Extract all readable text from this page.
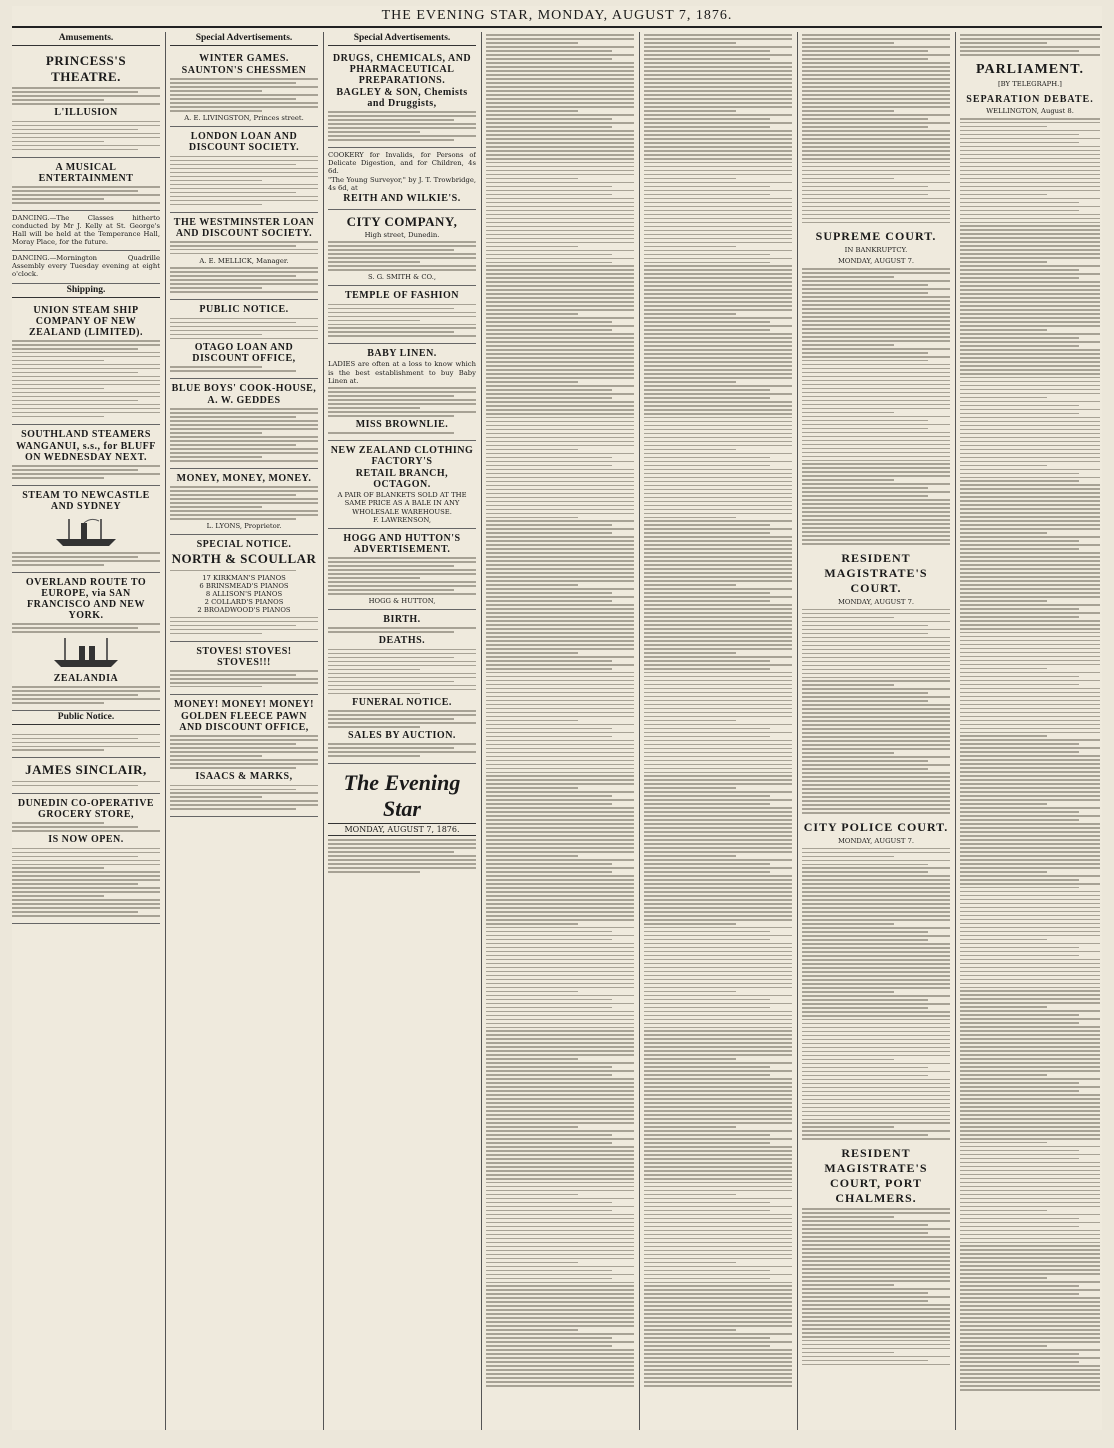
THE EVENING STAR, MONDAY, AUGUST 7, 1876.
Amusements.
PRINCESS'S THEATRE.
L'ILLUSION
A MUSICAL ENTERTAINMENT

DANCING.—The Classes hitherto conducted by Mr J. Kelly at St. George's Hall will be held at the Temperance Hall, Moray Place, for the future.

DANCING.—Mornington Quadrille Assembly every Tuesday evening at eight o'clock.

Shipping.
UNION STEAM SHIP COMPANY OF NEW ZEALAND (LIMITED).
SOUTHLAND STEAMERS
WANGANUI, s.s., for BLUFF ON WEDNESDAY NEXT.
STEAM TO NEWCASTLE AND SYDNEY
OVERLAND ROUTE TO EUROPE, via SAN FRANCISCO AND NEW YORK.
ZEALANDIA
Public Notice.
JAMES SINCLAIR,
DUNEDIN CO-OPERATIVE GROCERY STORE,
IS NOW OPEN.
Special Advertisements.
WINTER GAMES.
SAUNTON'S CHESSMEN

A. E. LIVINGSTON, Princes street.

LONDON LOAN AND DISCOUNT SOCIETY.
THE WESTMINSTER LOAN AND DISCOUNT SOCIETY.

A. E. MELLICK, Manager.

PUBLIC NOTICE.
OTAGO LOAN AND DISCOUNT OFFICE,
BLUE BOYS' COOK-HOUSE,
A. W. GEDDES
MONEY, MONEY, MONEY.

L. LYONS, Proprietor.

SPECIAL NOTICE.
NORTH & SCOULLAR

17 KIRKMAN'S PIANOS

6 BRINSMEAD'S PIANOS

8 ALLISON'S PIANOS

2 COLLARD'S PIANOS

2 BROADWOOD'S PIANOS

STOVES! STOVES! STOVES!!!
MONEY! MONEY! MONEY!
GOLDEN FLEECE PAWN AND DISCOUNT OFFICE,
ISAACS & MARKS,
Special Advertisements.
DRUGS, CHEMICALS, AND PHARMACEUTICAL PREPARATIONS.
BAGLEY & SON, Chemists and Druggists,

COOKERY for Invalids, for Persons of Delicate Digestion, and for Children, 4s 6d.

"The Young Surveyor," by J. T. Trowbridge, 4s 6d, at

REITH AND WILKIE'S.
CITY COMPANY,

High street, Dunedin.

S. G. SMITH & CO.,

TEMPLE OF FASHION
BABY LINEN.

LADIES are often at a loss to know which is the best establishment to buy Baby Linen at.

MISS BROWNLIE.
NEW ZEALAND CLOTHING FACTORY'S
RETAIL BRANCH, OCTAGON.

A PAIR OF BLANKETS SOLD AT THE SAME PRICE AS A BALE IN ANY WHOLESALE WAREHOUSE.

F. LAWRENSON,

HOGG AND HUTTON'S ADVERTISEMENT.

HOGG & HUTTON,

BIRTH.
DEATHS.
FUNERAL NOTICE.
SALES BY AUCTION.
The Evening Star
MONDAY, AUGUST 7, 1876.
SUPREME COURT.
IN BANKRUPTCY.
MONDAY, AUGUST 7.
RESIDENT MAGISTRATE'S COURT.
MONDAY, AUGUST 7.
CITY POLICE COURT.
MONDAY, AUGUST 7.
RESIDENT MAGISTRATE'S COURT, PORT CHALMERS.
PARLIAMENT.
[BY TELEGRAPH.]
SEPARATION DEBATE.
WELLINGTON, August 8.
